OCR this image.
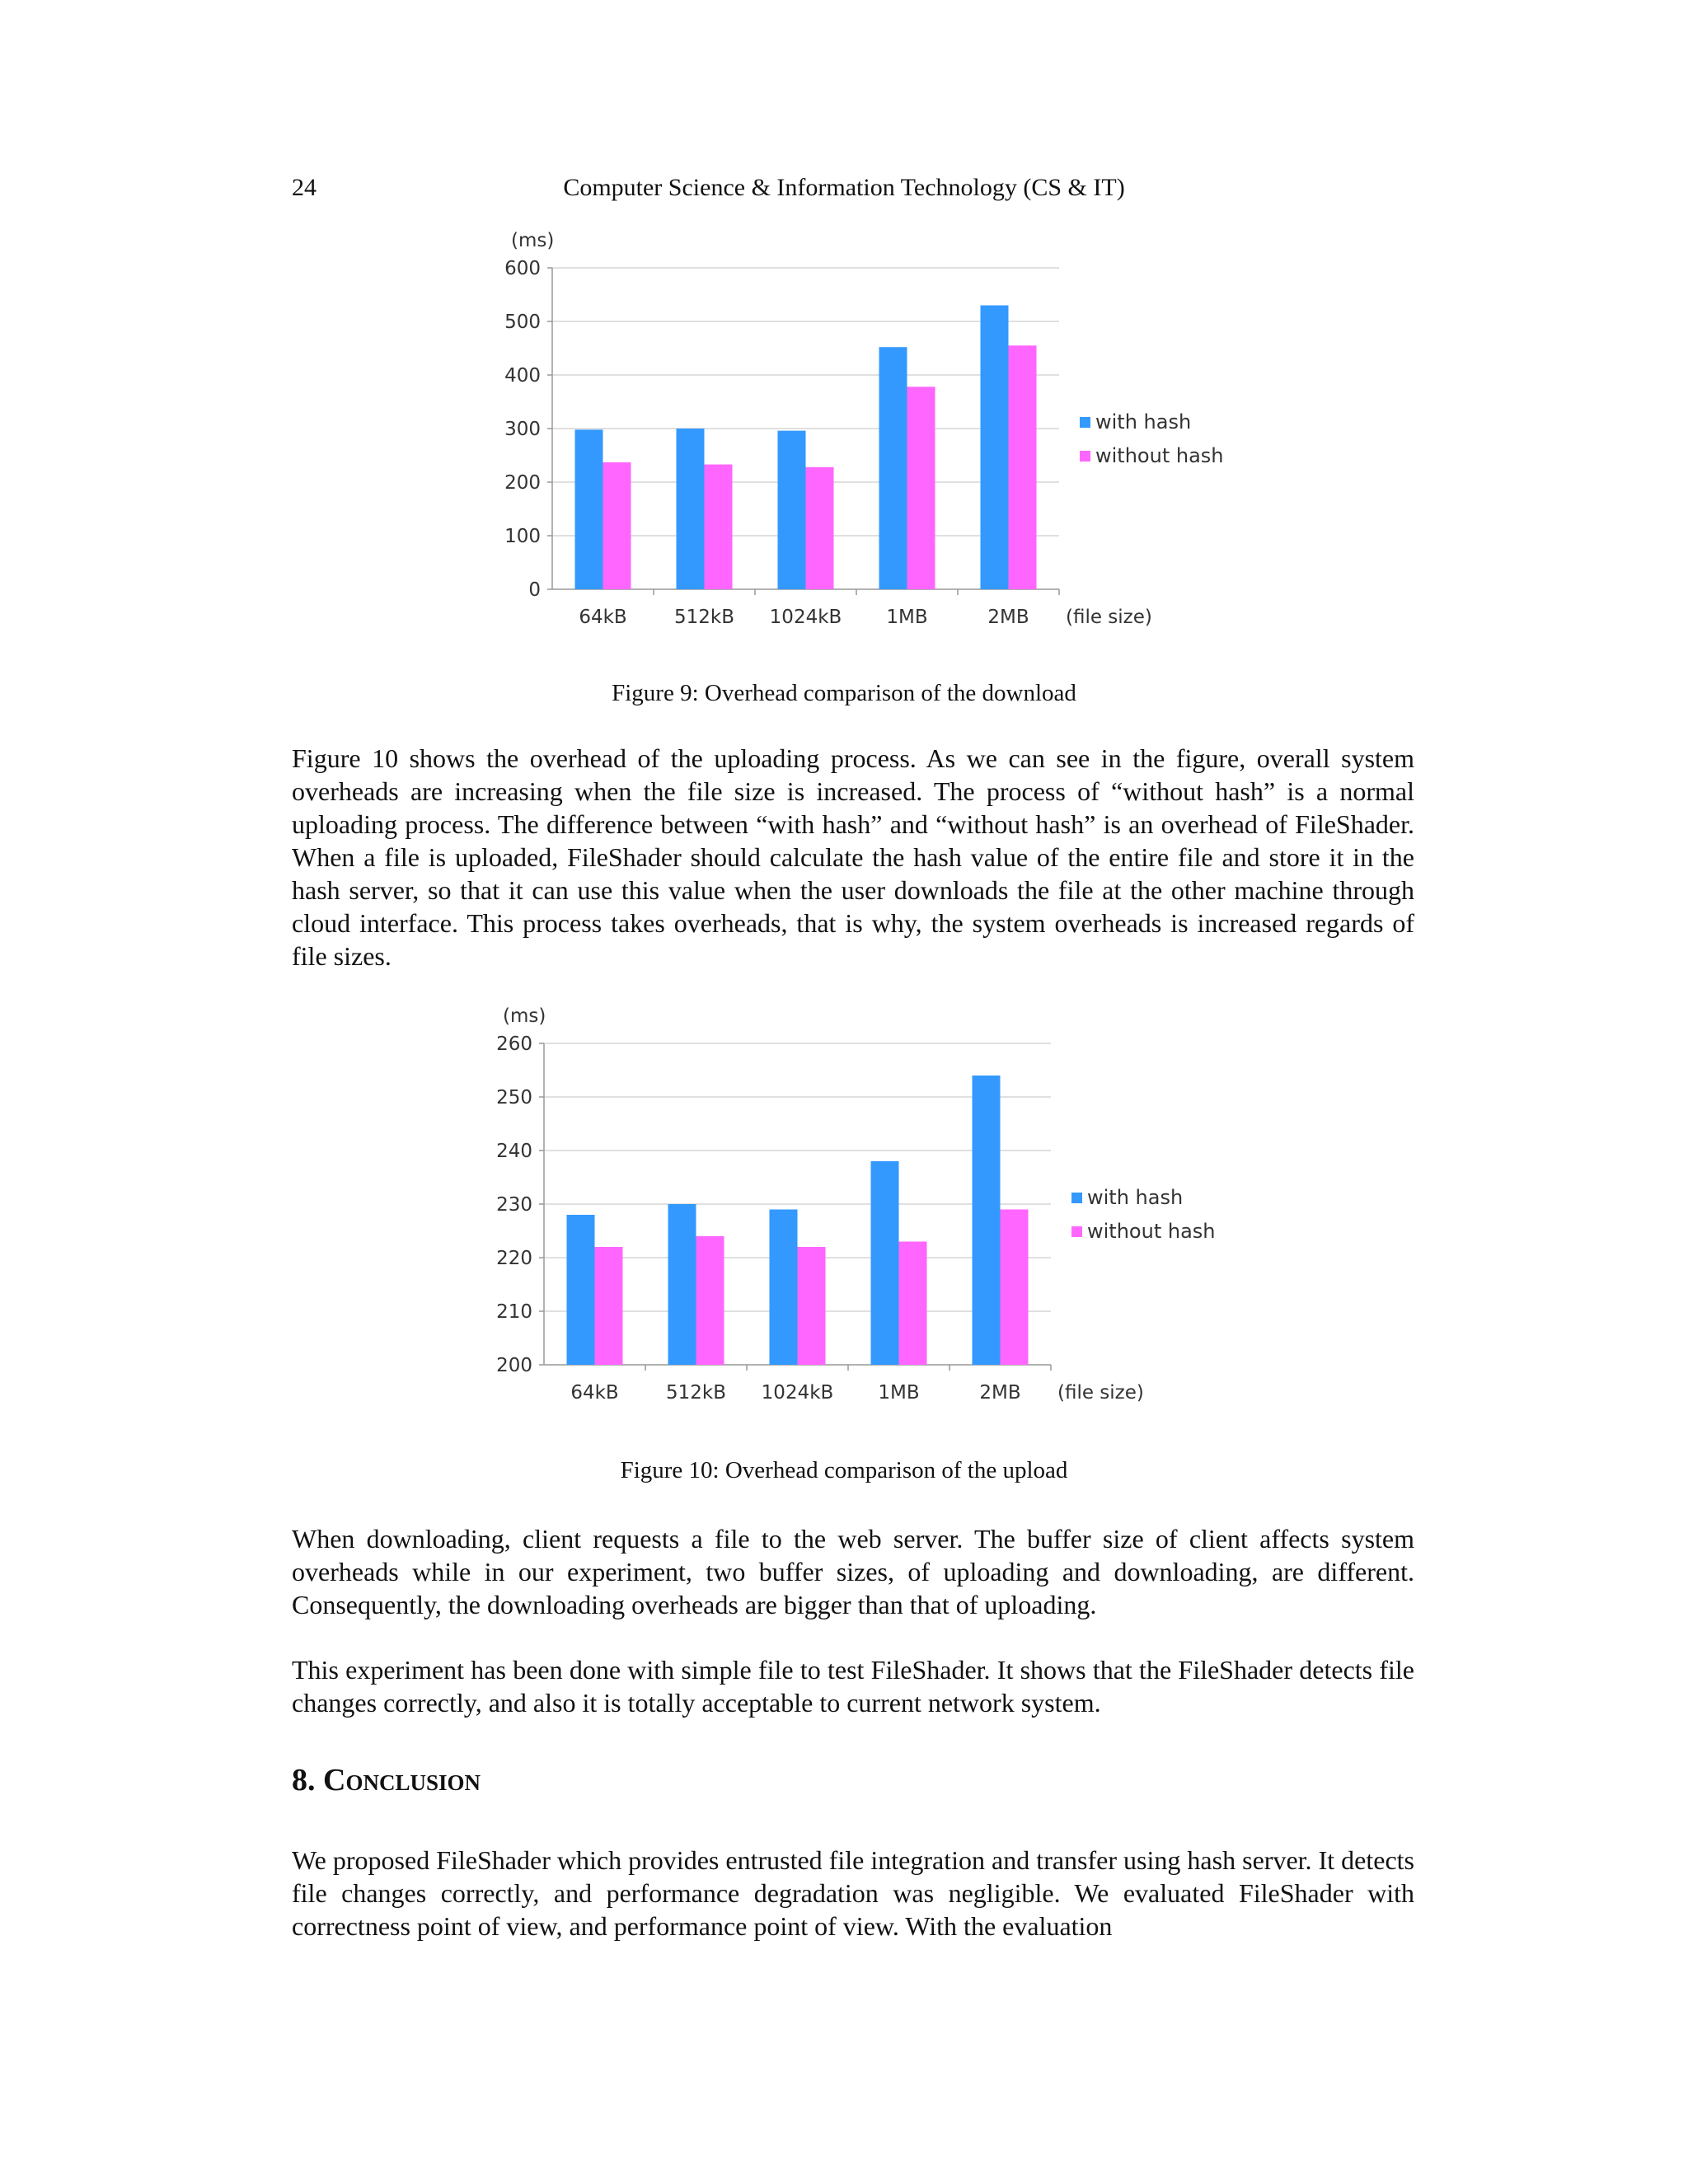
24	Computer Science & Information Technology (CS & IT)
0
100
200
300
400
500
600
(ms)
64kB 512kB 1024kB 1MB	2MB (file size)
with hash
without hash
Figure 9: Overhead comparison of the download

Figure 10 shows the overhead of the uploading process. As we can see in the figure, overall system overheads are increasing when the file size is increased. The process of “without hash” is a normal uploading process. The difference between “with hash” and “without hash” is an overhead of FileShader. When a file is uploaded, FileShader should calculate the hash value of the entire file and store it in the hash server, so that it can use this value when the user downloads the file at the other machine through cloud interface. This process takes overheads, that is why, the system overheads is increased regards of file sizes.

200
210
220
230
240
250
260
(ms)
64kB 512kB 1024kB 1MB	2MB (file size)
with hash
without hash
Figure 10: Overhead comparison of the upload

When downloading, client requests a file to the web server. The buffer size of client affects system overheads while in our experiment, two buffer sizes, of uploading and downloading, are different. Consequently, the downloading overheads are bigger than that of uploading.

This experiment has been done with simple file to test FileShader. It shows that the FileShader detects file changes correctly, and also it is totally acceptable to current network system.

8. Conclusion

We proposed FileShader which provides entrusted file integration and transfer using hash server. It detects file changes correctly, and performance degradation was negligible. We evaluated FileShader with correctness point of view, and performance point of view. With the evaluation
